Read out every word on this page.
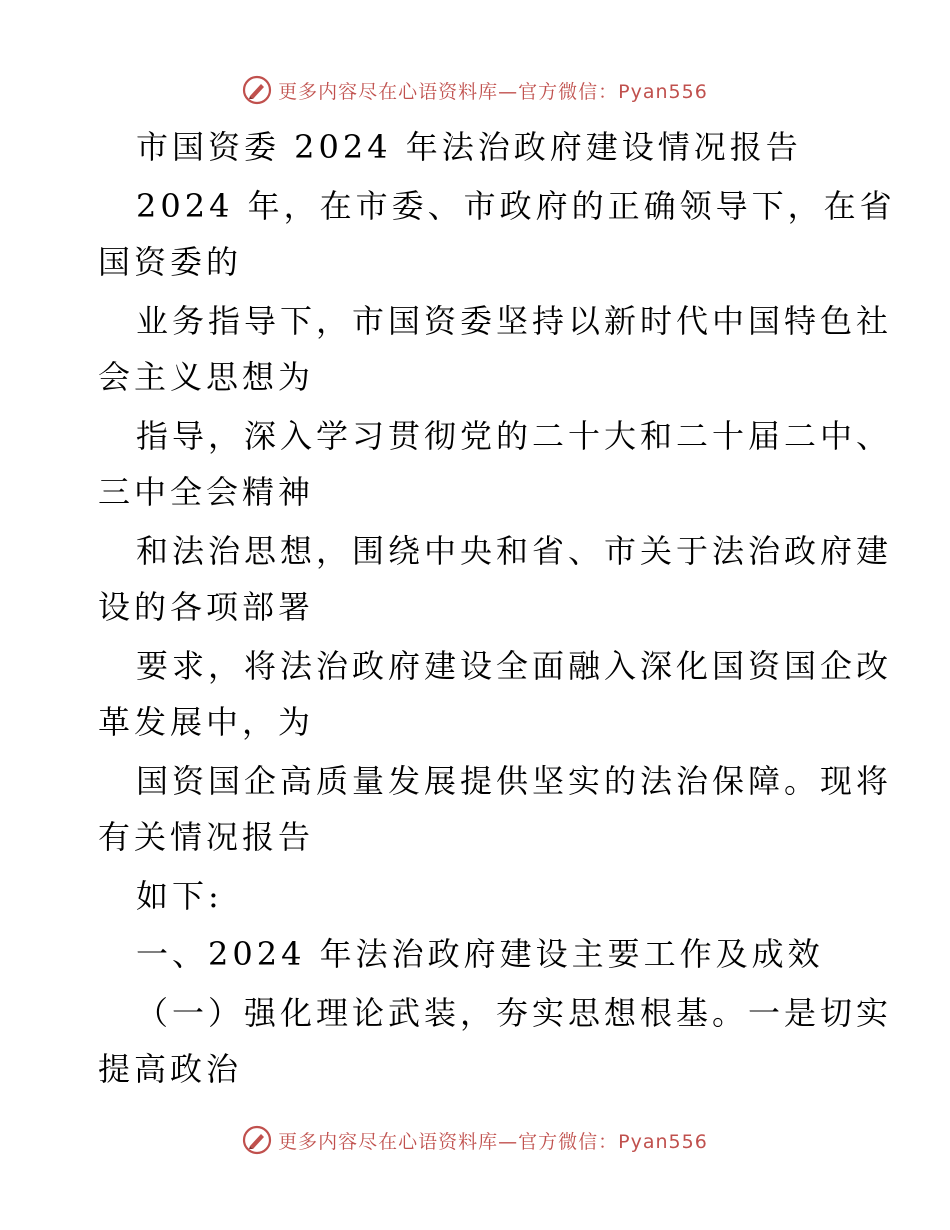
更多内容尽在心语资料库—官方微信：Pyan556
市国资委 2024 年法治政府建设情况报告
2024 年，在市委、市政府的正确领导下，在省
国资委的
业务指导下，市国资委坚持以新时代中国特色社
会主义思想为
指导，深入学习贯彻党的二十大和二十届二中、
三中全会精神
和法治思想，围绕中央和省、市关于法治政府建
设的各项部署
要求，将法治政府建设全面融入深化国资国企改
革发展中，为
国资国企高质量发展提供坚实的法治保障。现将
有关情况报告
如下:
一、2024 年法治政府建设主要工作及成效
（一）强化理论武装，夯实思想根基。一是切实
提高政治
更多内容尽在心语资料库—官方微信：Pyan556
